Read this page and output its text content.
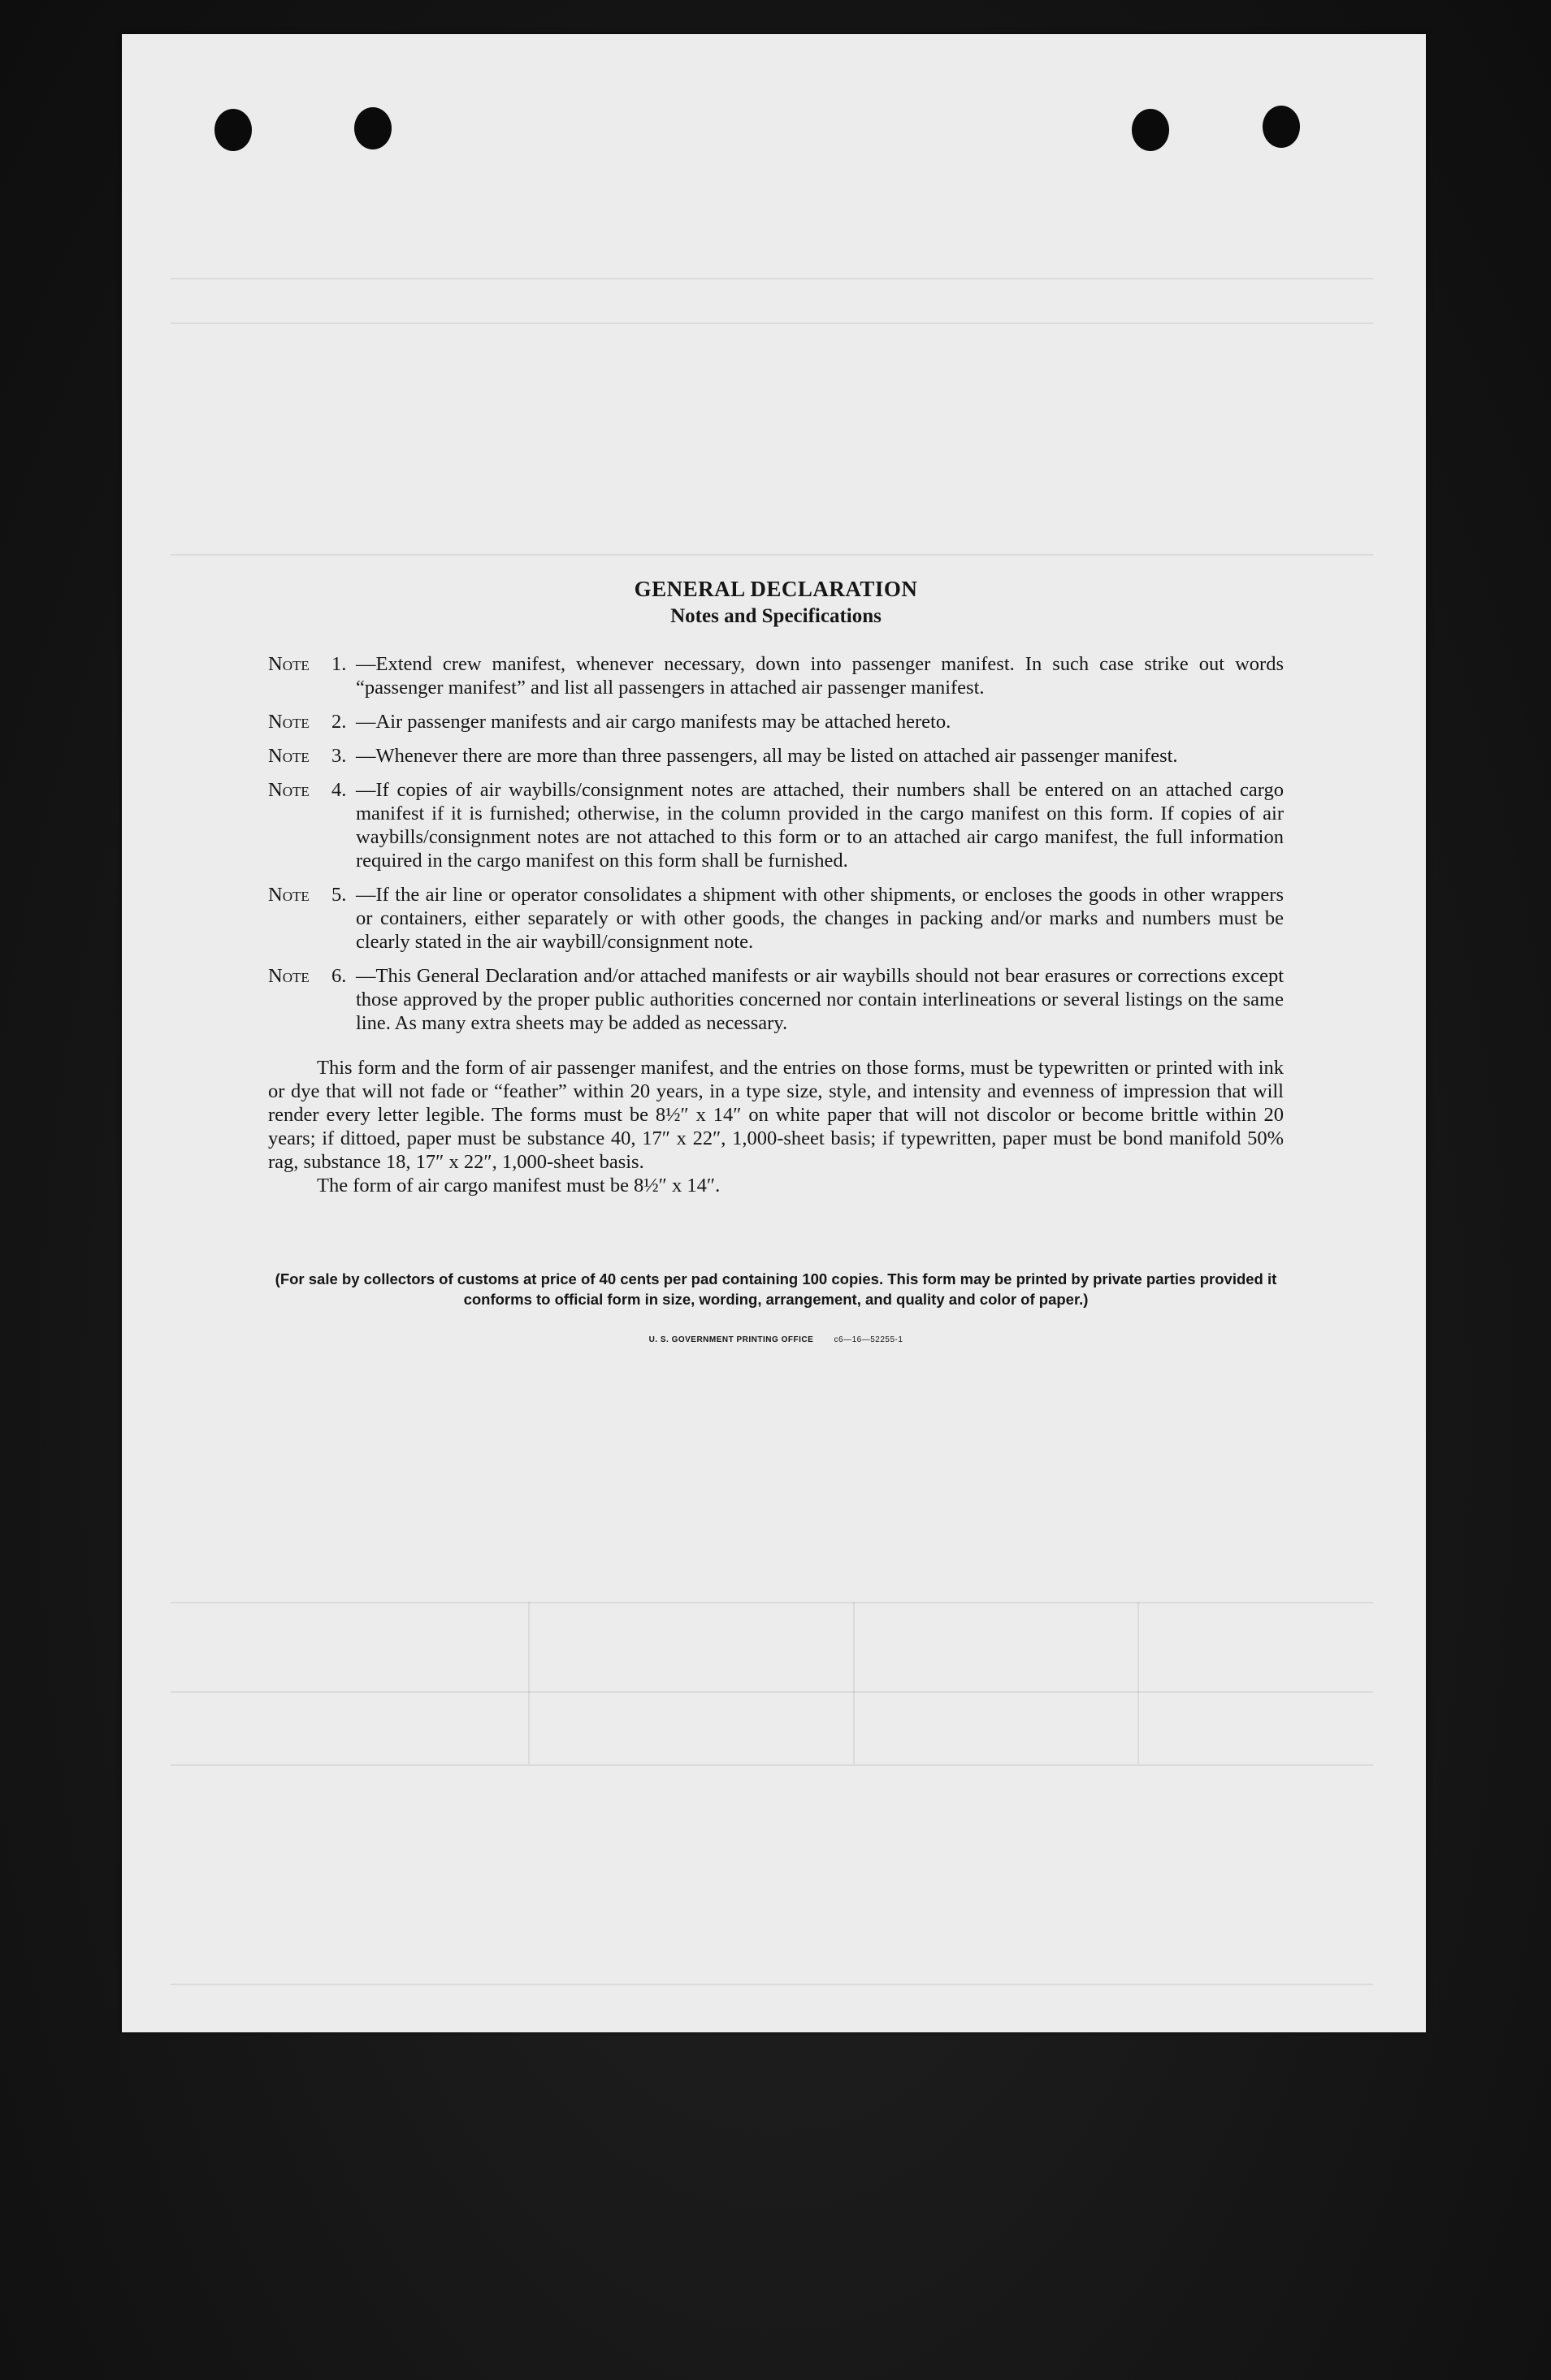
GENERAL DECLARATION
Notes and Specifications
Note	1. —Extend crew manifest, whenever necessary, down into passenger manifest. In such case strike out words “passenger manifest” and list all passengers in attached air passenger manifest.
Note	2. —Air passenger manifests and air cargo manifests may be attached hereto.
Note	3. —Whenever there are more than three passengers, all may be listed on attached air passenger manifest.
Note	4. —If copies of air waybills/consignment notes are attached, their numbers shall be entered on an attached cargo manifest if it is furnished; otherwise, in the column provided in the cargo manifest on this form. If copies of air waybills/consignment notes are not attached to this form or to an attached air cargo manifest, the full information required in the cargo manifest on this form shall be furnished.
Note	5. —If the air line or operator consolidates a shipment with other shipments, or encloses the goods in other wrappers or containers, either separately or with other goods, the changes in packing and/or marks and numbers must be clearly stated in the air waybill/consignment note.
Note	6. —This General Declaration and/or attached manifests or air waybills should not bear erasures or corrections except those approved by the proper public authorities concerned nor contain interlineations or several listings on the same line. As many extra sheets may be added as necessary.

This form and the form of air passenger manifest, and the entries on those forms, must be typewritten or printed with ink or dye that will not fade or “feather” within 20 years, in a type size, style, and intensity and evenness of impression that will render every letter legible. The forms must be 8½″ x 14″ on white paper that will not discolor or become brittle within 20 years; if dittoed, paper must be substance 40, 17″ x 22″, 1,000-sheet basis; if typewritten, paper must be bond manifold 50% rag, substance 18, 17″ x 22″, 1,000-sheet basis.

The form of air cargo manifest must be 8½″ x 14″.

(For sale by collectors of customs at price of 40 cents per pad containing 100 copies. This form may be printed by private parties provided it conforms to official form in size, wording, arrangement, and quality and color of paper.)
U. S. GOVERNMENT PRINTING OFFICE	c6—16—52255-1
